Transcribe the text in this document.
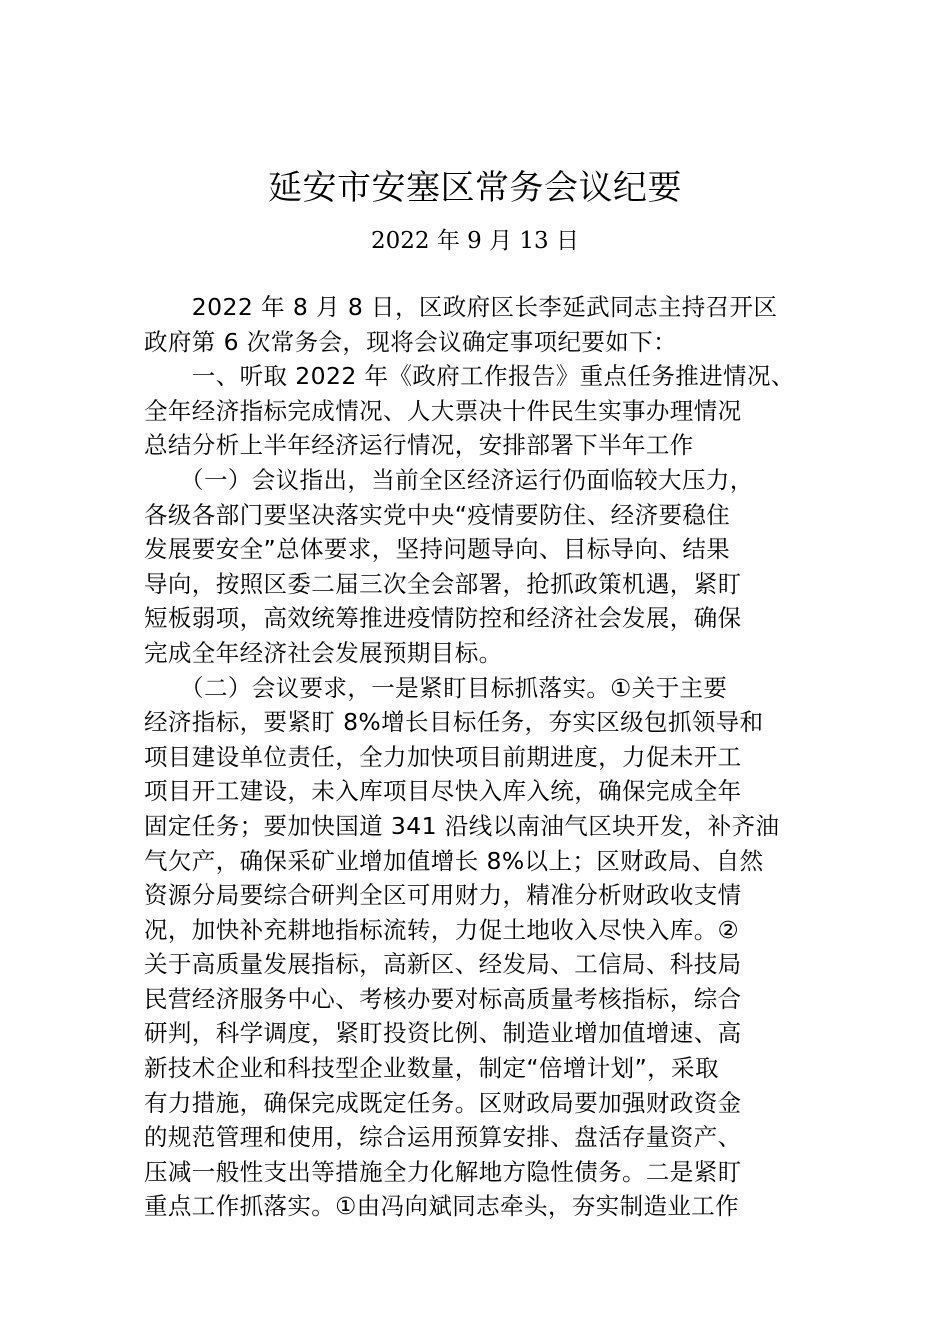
延安市安塞区常务会议纪要
2022 年 9 月 13 日
　　2022 年 8 月 8 日，区政府区长李延武同志主持召开区
政府第 6 次常务会，现将会议确定事项纪要如下：
　　一、听取 2022 年《政府工作报告》重点任务推进情况、
全年经济指标完成情况、人大票决十件民生实事办理情况
总结分析上半年经济运行情况，安排部署下半年工作
　　（一）会议指出，当前全区经济运行仍面临较大压力，
各级各部门要坚决落实党中央“疫情要防住、经济要稳住
发展要安全”总体要求，坚持问题导向、目标导向、结果
导向，按照区委二届三次全会部署，抢抓政策机遇，紧盯
短板弱项，高效统筹推进疫情防控和经济社会发展，确保
完成全年经济社会发展预期目标。
　　（二）会议要求，一是紧盯目标抓落实。①关于主要
经济指标，要紧盯 8%增长目标任务，夯实区级包抓领导和
项目建设单位责任，全力加快项目前期进度，力促未开工
项目开工建设，未入库项目尽快入库入统，确保完成全年
固定任务；要加快国道 341 沿线以南油气区块开发，补齐油
气欠产，确保采矿业增加值增长 8%以上；区财政局、自然
资源分局要综合研判全区可用财力，精准分析财政收支情
况，加快补充耕地指标流转，力促土地收入尽快入库。②
关于高质量发展指标，高新区、经发局、工信局、科技局
民营经济服务中心、考核办要对标高质量考核指标，综合
研判，科学调度，紧盯投资比例、制造业增加值增速、高
新技术企业和科技型企业数量，制定“倍增计划”，采取
有力措施，确保完成既定任务。区财政局要加强财政资金
的规范管理和使用，综合运用预算安排、盘活存量资产、
压减一般性支出等措施全力化解地方隐性债务。二是紧盯
重点工作抓落实。①由冯向斌同志牵头，夯实制造业工作
